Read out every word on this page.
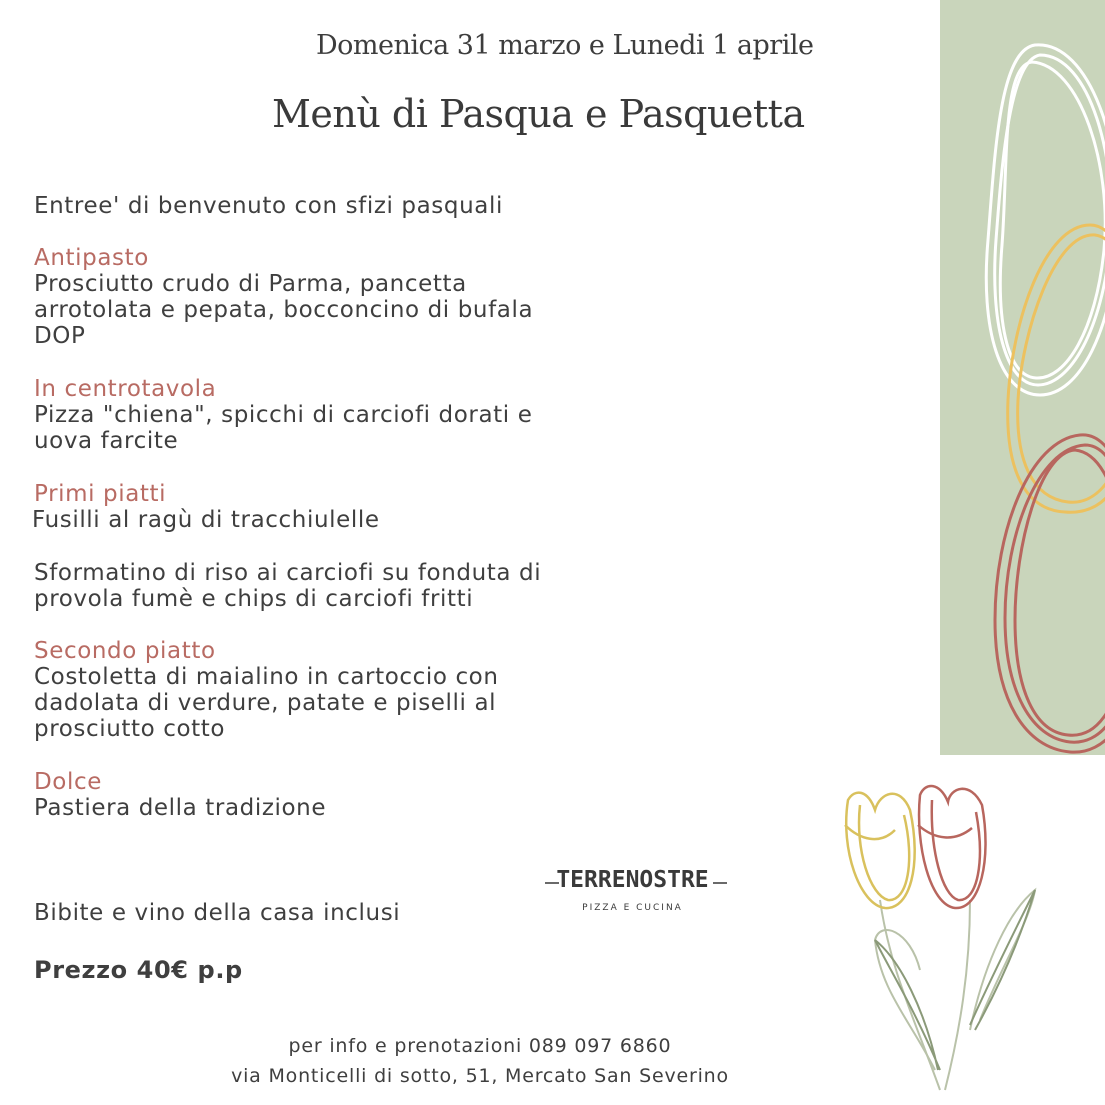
Domenica 31 marzo e Lunedi 1 aprile
Menù di Pasqua e Pasquetta
Entree' di benvenuto con sfizi pasquali
Antipasto
Prosciutto crudo di Parma, pancetta
arrotolata e pepata, bocconcino di bufala
DOP
In centrotavola
Pizza "chiena", spicchi di carciofi dorati e
uova farcite
Primi piatti
Fusilli al ragù di tracchiulelle
Sformatino di riso ai carciofi su fonduta di
provola fumè e chips di carciofi fritti
Secondo piatto
Costoletta di maialino in cartoccio con
dadolata di verdure, patate e piselli al
prosciutto cotto
Dolce
Pastiera della tradizione
Bibite e vino della casa inclusi
Prezzo 40€ p.p
TERRENOSTRE
PIZZA E CUCINA
per info e prenotazioni 089 097 6860
via Monticelli di sotto, 51, Mercato San Severino
